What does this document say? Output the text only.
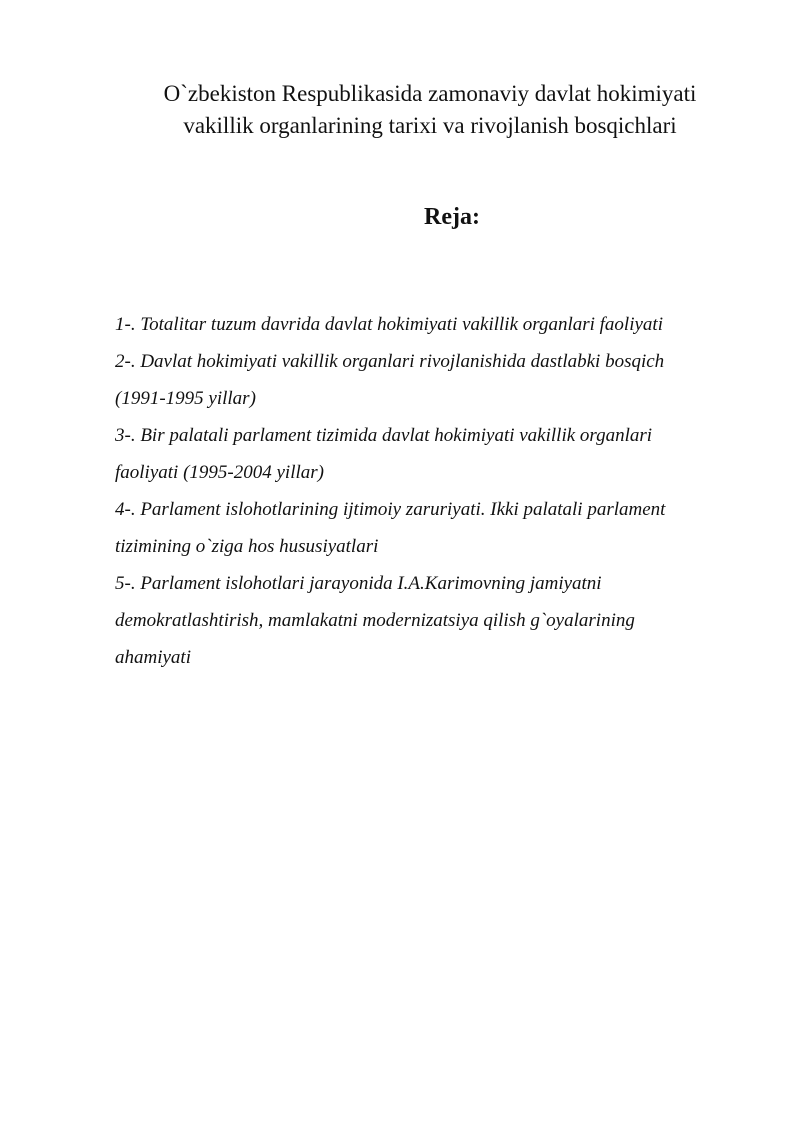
O`zbekiston Respublikasida zamonaviy davlat hokimiyati
vakillik organlarining tarixi va rivojlanish bosqichlari
Reja:
1-. Totalitar tuzum davrida davlat hokimiyati vakillik organlari faoliyati
2-. Davlat hokimiyati vakillik organlari rivojlanishida dastlabki bosqich
(1991-1995 yillar)
3-. Bir palatali parlament tizimida davlat hokimiyati vakillik organlari
faoliyati (1995-2004 yillar)
4-. Parlament islohotlarining ijtimoiy zaruriyati. Ikki palatali parlament
tizimining o`ziga hos hususiyatlari
5-. Parlament islohotlari jarayonida I.A.Karimovning jamiyatni
demokratlashtirish, mamlakatni modernizatsiya qilish g`oyalarining
ahamiyati
